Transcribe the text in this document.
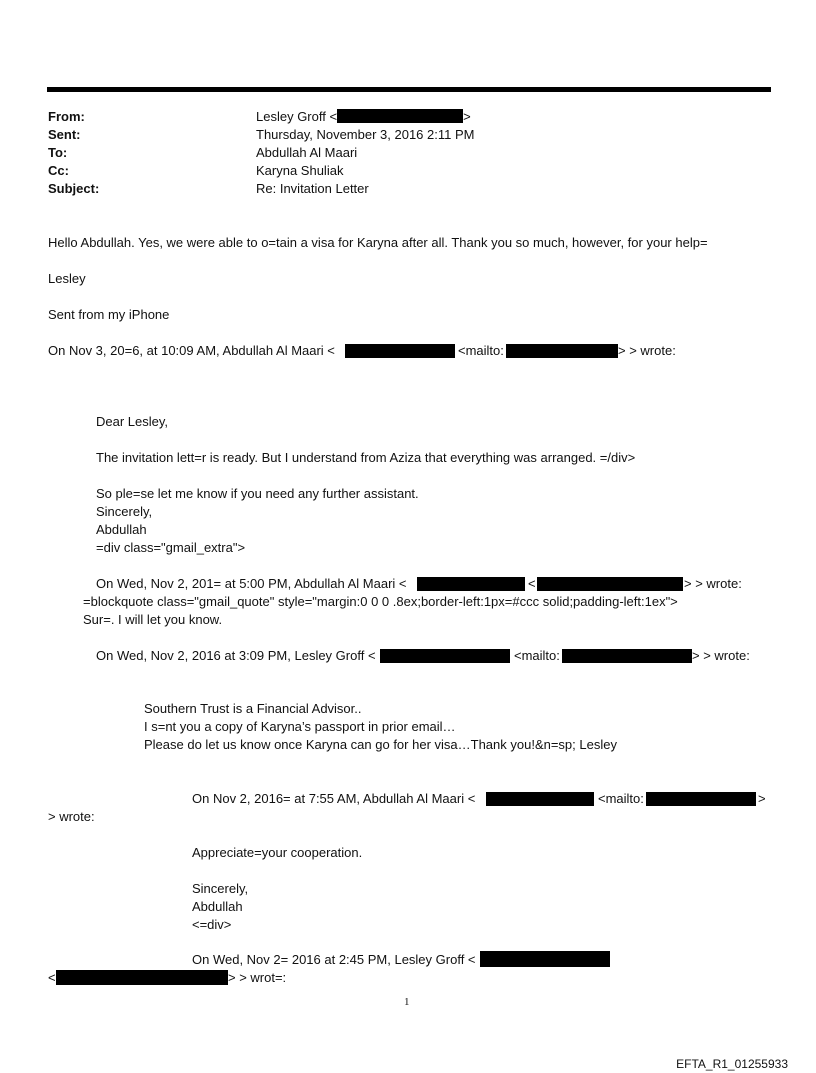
From:	Lesley Groff <	>
Sent:	Thursday, November 3, 2016 2:11 PM
To:	Abdullah Al Maari
Cc:	Karyna Shuliak
Subject:	Re: Invitation Letter
Hello Abdullah. Yes, we were able to o=tain a visa for Karyna after all. Thank you so much, however, for your help=
Lesley
Sent from my iPhone
On Nov 3, 20=6, at 10:09 AM, Abdullah Al Maari <	<mailto:	> > wrote:
Dear Lesley,
The invitation lett=r is ready. But I understand from Aziza that everything was arranged. =/div>
So ple=se let me know if you need any further assistant.
Sincerely,
Abdullah
=div class="gmail_extra">
On Wed, Nov 2, 201= at 5:00 PM, Abdullah Al Maari <	<	> > wrote:
=blockquote class="gmail_quote" style="margin:0 0 0 .8ex;border-left:1px=#ccc solid;padding-left:1ex">
Sur=. I will let you know.
On Wed, Nov 2, 2016 at 3:09 PM, Lesley Groff <	<mailto:	> > wrote:
Southern Trust is a Financial Advisor..
I s=nt you a copy of Karyna’s passport in prior email…
Please do let us know once Karyna can go for her visa…Thank you!&n=sp; Lesley
On Nov 2, 2016= at 7:55 AM, Abdullah Al Maari <	<mailto:	>
> wrote:
Appreciate=your cooperation.
Sincerely,
Abdullah
<=div>
On Wed, Nov 2= 2016 at 2:45 PM, Lesley Groff <
<	> > wrot=:
1
EFTA_R1_01255933
